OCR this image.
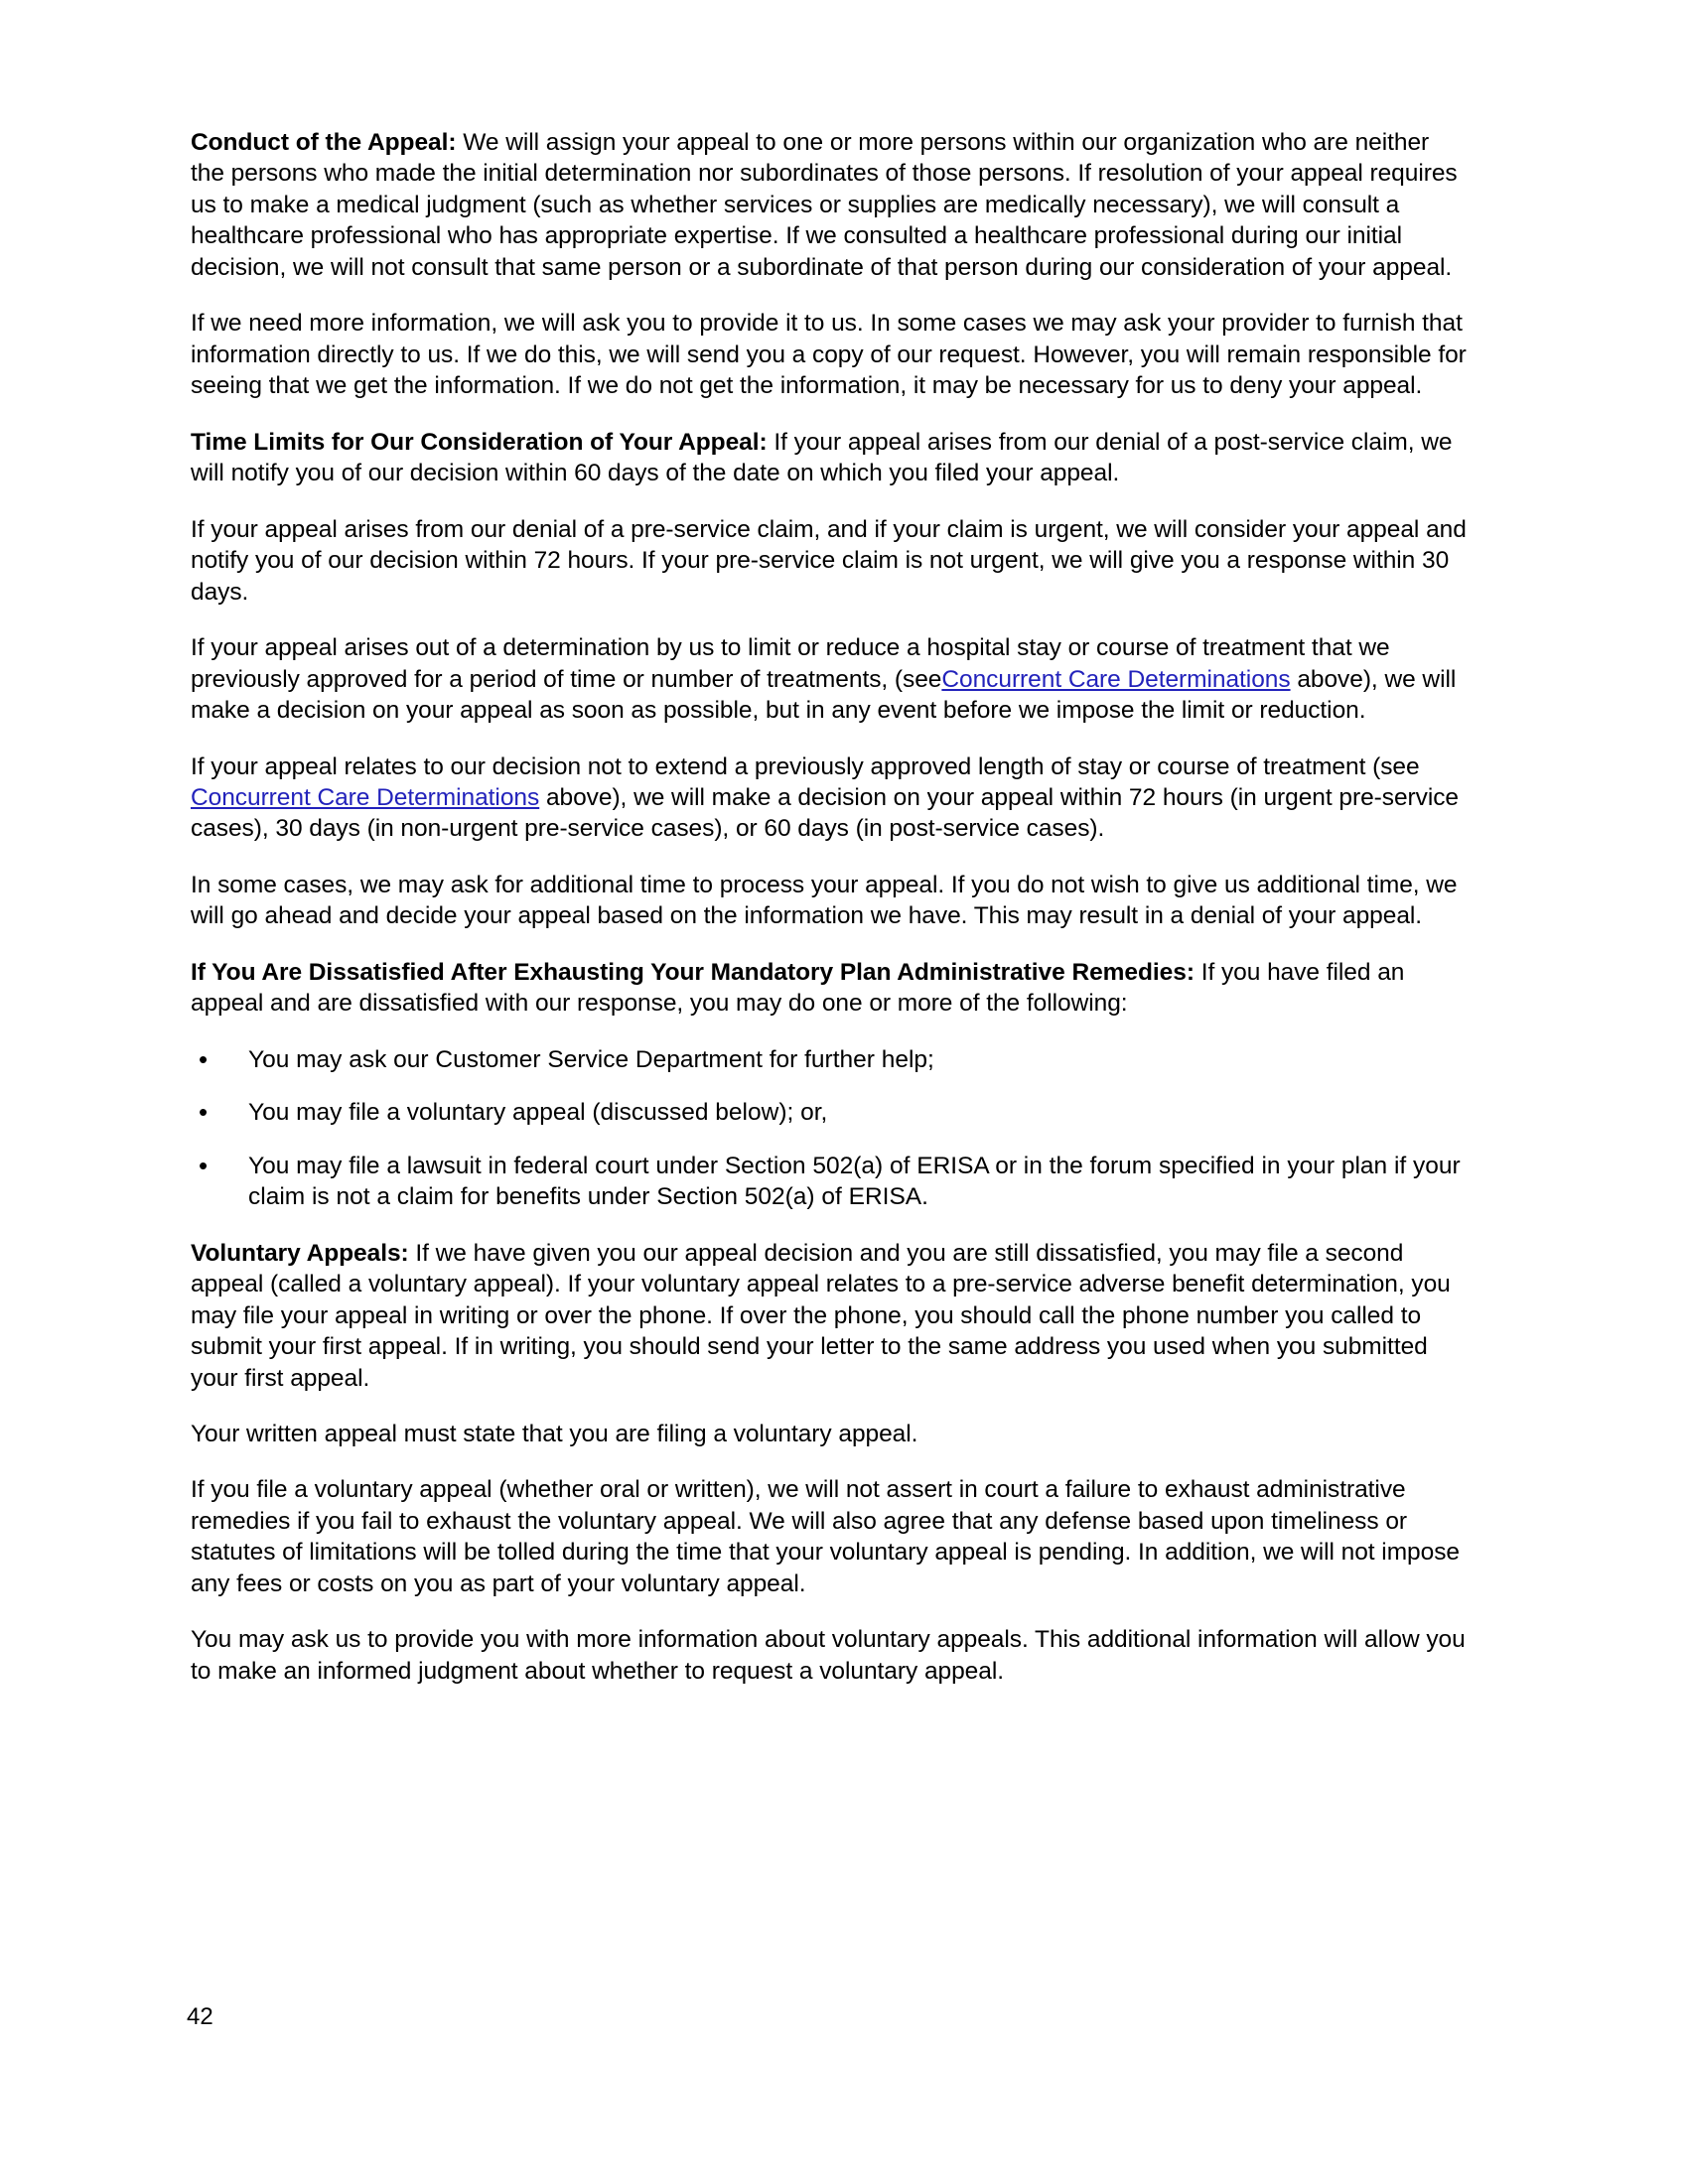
Conduct of the Appeal: We will assign your appeal to one or more persons within our organization who are neither the persons who made the initial determination nor subordinates of those persons. If resolution of your appeal requires us to make a medical judgment (such as whether services or supplies are medically necessary), we will consult a healthcare professional who has appropriate expertise. If we consulted a healthcare professional during our initial decision, we will not consult that same person or a subordinate of that person during our consideration of your appeal.

If we need more information, we will ask you to provide it to us. In some cases we may ask your provider to furnish that information directly to us. If we do this, we will send you a copy of our request. However, you will remain responsible for seeing that we get the information. If we do not get the information, it may be necessary for us to deny your appeal.

Time Limits for Our Consideration of Your Appeal: If your appeal arises from our denial of a post-service claim, we will notify you of our decision within 60 days of the date on which you filed your appeal.

If your appeal arises from our denial of a pre-service claim, and if your claim is urgent, we will consider your appeal and notify you of our decision within 72 hours. If your pre-service claim is not urgent, we will give you a response within 30 days.

If your appeal arises out of a determination by us to limit or reduce a hospital stay or course of treatment that we previously approved for a period of time or number of treatments, (seeConcurrent Care Determinations above), we will make a decision on your appeal as soon as possible, but in any event before we impose the limit or reduction.

If your appeal relates to our decision not to extend a previously approved length of stay or course of treatment (see Concurrent Care Determinations above), we will make a decision on your appeal within 72 hours (in urgent pre-service cases), 30 days (in non-urgent pre-service cases), or 60 days (in post-service cases).

In some cases, we may ask for additional time to process your appeal. If you do not wish to give us additional time, we will go ahead and decide your appeal based on the information we have. This may result in a denial of your appeal.

If You Are Dissatisfied After Exhausting Your Mandatory Plan Administrative Remedies: If you have filed an appeal and are dissatisfied with our response, you may do one or more of the following:

• You may ask our Customer Service Department for further help;
• You may file a voluntary appeal (discussed below); or,
• You may file a lawsuit in federal court under Section 502(a) of ERISA or in the forum specified in your plan if your claim is not a claim for benefits under Section 502(a) of ERISA.

Voluntary Appeals: If we have given you our appeal decision and you are still dissatisfied, you may file a second appeal (called a voluntary appeal). If your voluntary appeal relates to a pre-service adverse benefit determination, you may file your appeal in writing or over the phone. If over the phone, you should call the phone number you called to submit your first appeal. If in writing, you should send your letter to the same address you used when you submitted your first appeal.

Your written appeal must state that you are filing a voluntary appeal.

If you file a voluntary appeal (whether oral or written), we will not assert in court a failure to exhaust administrative remedies if you fail to exhaust the voluntary appeal. We will also agree that any defense based upon timeliness or statutes of limitations will be tolled during the time that your voluntary appeal is pending. In addition, we will not impose any fees or costs on you as part of your voluntary appeal.

You may ask us to provide you with more information about voluntary appeals. This additional information will allow you to make an informed judgment about whether to request a voluntary appeal.

42
